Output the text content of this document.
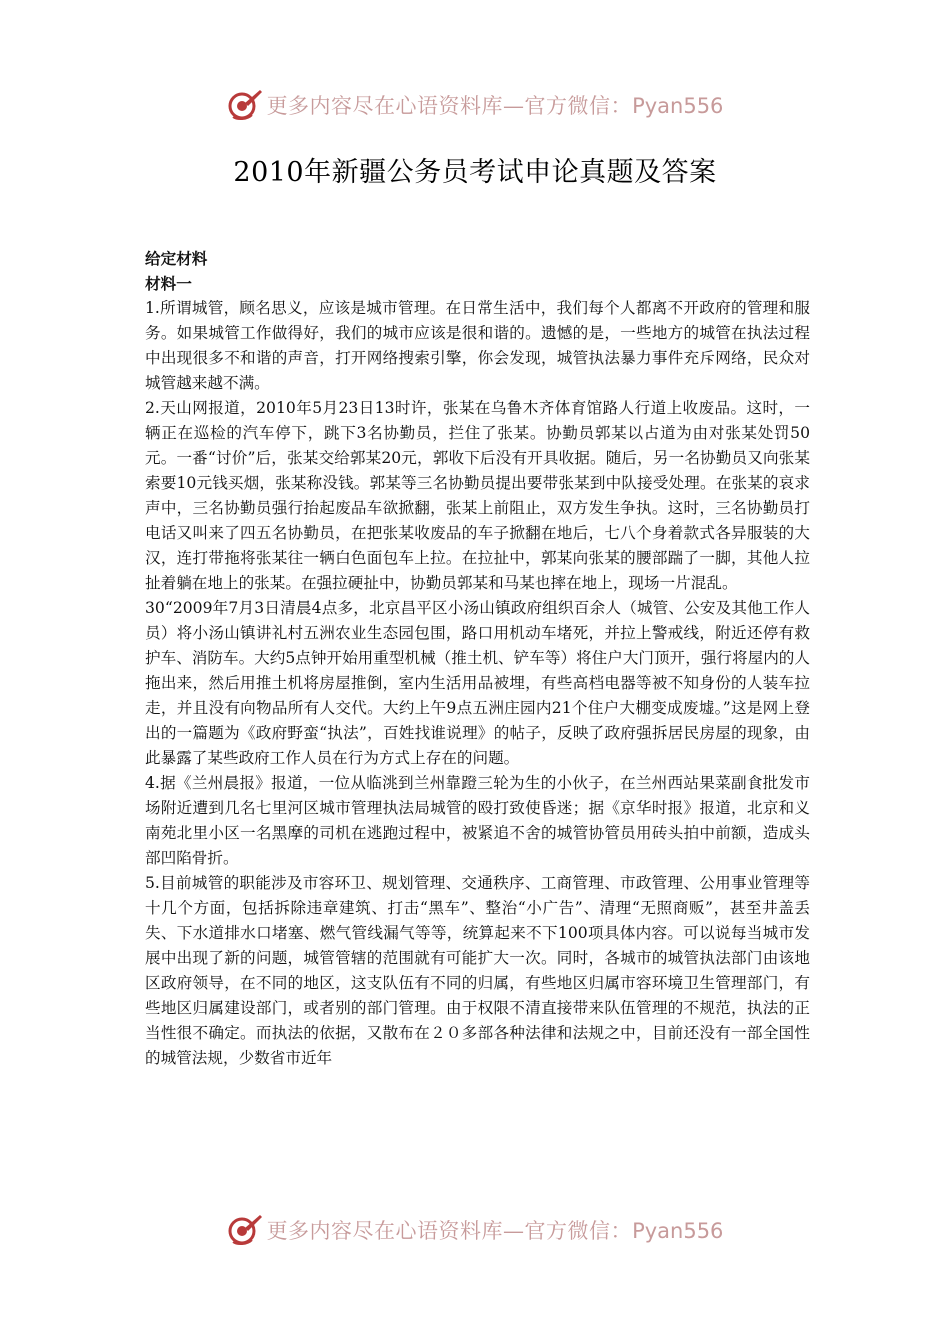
更多内容尽在心语资料库—官方微信：Pyan556
2010年新疆公务员考试申论真题及答案

给定材料

材料一

1.所谓城管，顾名思义，应该是城市管理。在日常生活中，我们每个人都离不开政府的管理和服务。如果城管工作做得好，我们的城市应该是很和谐的。遗憾的是，一些地方的城管在执法过程中出现很多不和谐的声音，打开网络搜索引擎，你会发现，城管执法暴力事件充斥网络，民众对城管越来越不满。

2.天山网报道，2010年5月23日13时许，张某在乌鲁木齐体育馆路人行道上收废品。这时，一辆正在巡检的汽车停下，跳下3名协勤员，拦住了张某。协勤员郭某以占道为由对张某处罚50元。一番“讨价”后，张某交给郭某20元，郭收下后没有开具收据。随后，另一名协勤员又向张某索要10元钱买烟，张某称没钱。郭某等三名协勤员提出要带张某到中队接受处理。在张某的哀求声中，三名协勤员强行抬起废品车欲掀翻，张某上前阻止，双方发生争执。这时，三名协勤员打电话又叫来了四五名协勤员，在把张某收废品的车子掀翻在地后，七八个身着款式各异服装的大汉，连打带拖将张某往一辆白色面包车上拉。在拉扯中，郭某向张某的腰部踹了一脚，其他人拉扯着躺在地上的张某。在强拉硬扯中，协勤员郭某和马某也摔在地上，现场一片混乱。

30“2009年7月3日清晨4点多，北京昌平区小汤山镇政府组织百余人（城管、公安及其他工作人员）将小汤山镇讲礼村五洲农业生态园包围，路口用机动车堵死，并拉上警戒线，附近还停有救护车、消防车。大约5点钟开始用重型机械（推土机、铲车等）将住户大门顶开，强行将屋内的人拖出来，然后用推土机将房屋推倒，室内生活用品被埋，有些高档电器等被不知身份的人装车拉走，并且没有向物品所有人交代。大约上午9点五洲庄园内21个住户大棚变成废墟。”这是网上登出的一篇题为《政府野蛮“执法”，百姓找谁说理》的帖子，反映了政府强拆居民房屋的现象，由此暴露了某些政府工作人员在行为方式上存在的问题。

4.据《兰州晨报》报道，一位从临洮到兰州靠蹬三轮为生的小伙子，在兰州西站果菜副食批发市场附近遭到几名七里河区城市管理执法局城管的殴打致使昏迷；据《京华时报》报道，北京和义南苑北里小区一名黑摩的司机在逃跑过程中，被紧追不舍的城管协管员用砖头拍中前额，造成头部凹陷骨折。

5.目前城管的职能涉及市容环卫、规划管理、交通秩序、工商管理、市政管理、公用事业管理等十几个方面，包括拆除违章建筑、打击“黑车”、整治“小广告”、清理“无照商贩”，甚至井盖丢失、下水道排水口堵塞、燃气管线漏气等等，统算起来不下100项具体内容。可以说每当城市发展中出现了新的问题，城管管辖的范围就有可能扩大一次。同时，各城市的城管执法部门由该地区政府领导，在不同的地区，这支队伍有不同的归属，有些地区归属市容环境卫生管理部门，有些地区归属建设部门，或者别的部门管理。由于权限不清直接带来队伍管理的不规范，执法的正当性很不确定。而执法的依据，又散布在２０多部各种法律和法规之中，目前还没有一部全国性的城管法规，少数省市近年

更多内容尽在心语资料库—官方微信：Pyan556
